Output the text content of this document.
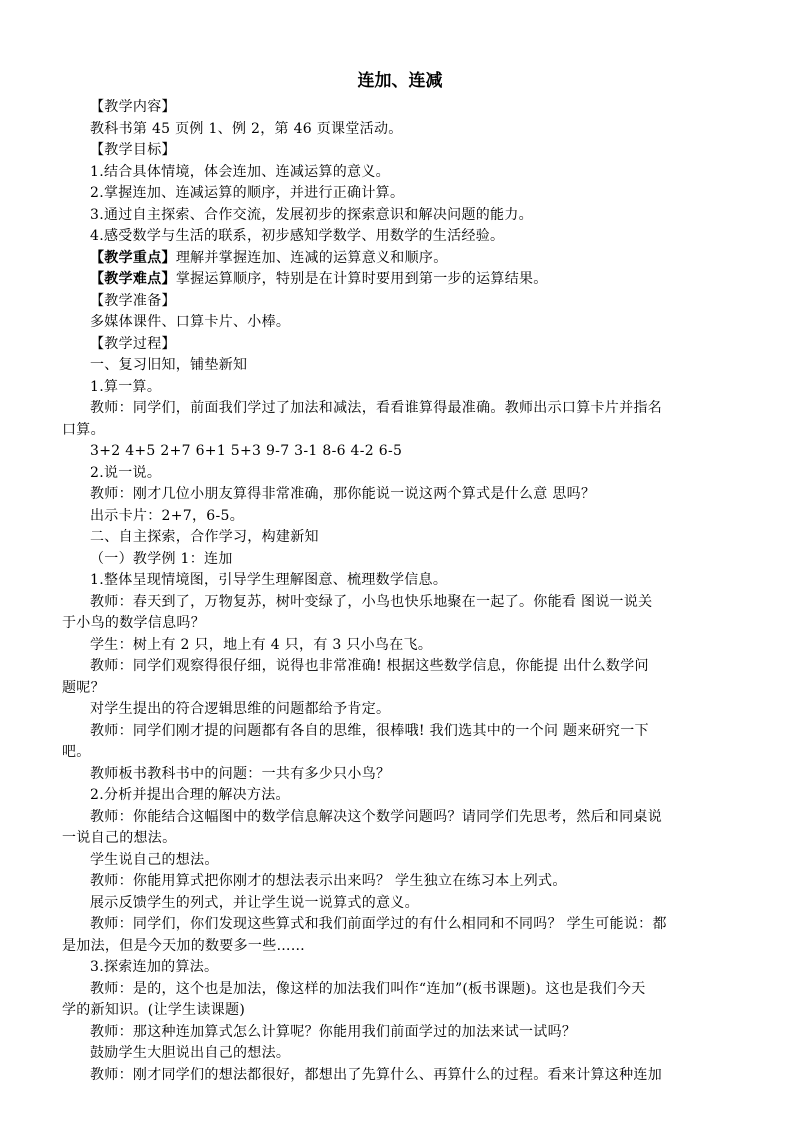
连加、连减
【教学内容】
教科书第 45 页例 1、例 2，第 46 页课堂活动。
【教学目标】
1.结合具体情境，体会连加、连减运算的意义。
2.掌握连加、连减运算的顺序，并进行正确计算。
3.通过自主探索、合作交流，发展初步的探索意识和解决问题的能力。
4.感受数学与生活的联系，初步感知学数学、用数学的生活经验。
【教学重点】理解并掌握连加、连减的运算意义和顺序。
【教学难点】掌握运算顺序，特别是在计算时要用到第一步的运算结果。
【教学准备】
多媒体课件、口算卡片、小棒。
【教学过程】
一、复习旧知，铺垫新知
1.算一算。
教师：同学们，前面我们学过了加法和减法，看看谁算得最准确。教师出示口算卡片并指名
口算。
3+2 4+5 2+7 6+1 5+3 9-7 3-1 8-6 4-2 6-5
2.说一说。
教师：刚才几位小朋友算得非常准确，那你能说一说这两个算式是什么意 思吗？
出示卡片：2+7，6-5。
二、自主探索，合作学习，构建新知
（一）教学例 1：连加
1.整体呈现情境图，引导学生理解图意、梳理数学信息。
教师：春天到了，万物复苏，树叶变绿了，小鸟也快乐地聚在一起了。你能看 图说一说关
于小鸟的数学信息吗？
学生：树上有 2 只，地上有 4 只，有 3 只小鸟在飞。
教师：同学们观察得很仔细，说得也非常准确! 根据这些数学信息，你能提 出什么数学问
题呢？
对学生提出的符合逻辑思维的问题都给予肯定。
教师：同学们刚才提的问题都有各自的思维，很棒哦! 我们选其中的一个问 题来研究一下
吧。
教师板书教科书中的问题：一共有多少只小鸟？
2.分析并提出合理的解决方法。
教师：你能结合这幅图中的数学信息解决这个数学问题吗？请同学们先思考，然后和同桌说
一说自己的想法。
学生说自己的想法。
教师：你能用算式把你刚才的想法表示出来吗？ 学生独立在练习本上列式。
展示反馈学生的列式，并让学生说一说算式的意义。
教师：同学们，你们发现这些算式和我们前面学过的有什么相同和不同吗？ 学生可能说：都
是加法，但是今天加的数要多一些……
3.探索连加的算法。
教师：是的，这个也是加法，像这样的加法我们叫作“连加”(板书课题)。这也是我们今天
学的新知识。(让学生读课题)
教师：那这种连加算式怎么计算呢？你能用我们前面学过的加法来试一试吗？
鼓励学生大胆说出自己的想法。
教师：刚才同学们的想法都很好，都想出了先算什么、再算什么的过程。看来计算这种连加
